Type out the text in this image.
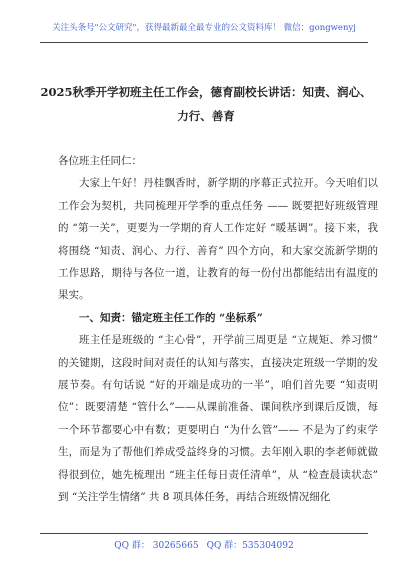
关注头条号"公文研究"，获得最新最全最专业的公文资料库！ 微信：gongwenyj
2025秋季开学初班主任工作会，德育副校长讲话：知责、润心、力行、善育

各位班主任同仁：

大家上午好！丹桂飘香时，新学期的序幕正式拉开。今天咱们以工作会为契机，共同梳理开学季的重点任务 —— 既要把好班级管理的 “第一关”，更要为一学期的育人工作定好 “暖基调”。接下来，我将围绕 “知责、润心、力行、善育” 四个方向，和大家交流新学期的工作思路，期待与各位一道，让教育的每一份付出都能结出有温度的果实。

一、知责：锚定班主任工作的 “坐标系”

班主任是班级的 “主心骨”，开学前三周更是 “立规矩、养习惯” 的关键期，这段时间对责任的认知与落实，直接决定班级一学期的发展节奏。有句话说 “好的开端是成功的一半”，咱们首先要 “知责明位”：既要清楚 “管什么”——从课前准备、课间秩序到课后反馈，每一个环节都要心中有数；更要明白 “为什么管”—— 不是为了约束学生，而是为了帮他们养成受益终身的习惯。去年刚入职的李老师就做得很到位，她先梳理出 “班主任每日责任清单”，从 “检查晨读状态” 到 “关注学生情绪” 共 8 项具体任务，再结合班级情况细化

QQ 群： 30265665 QQ 群：535304092
